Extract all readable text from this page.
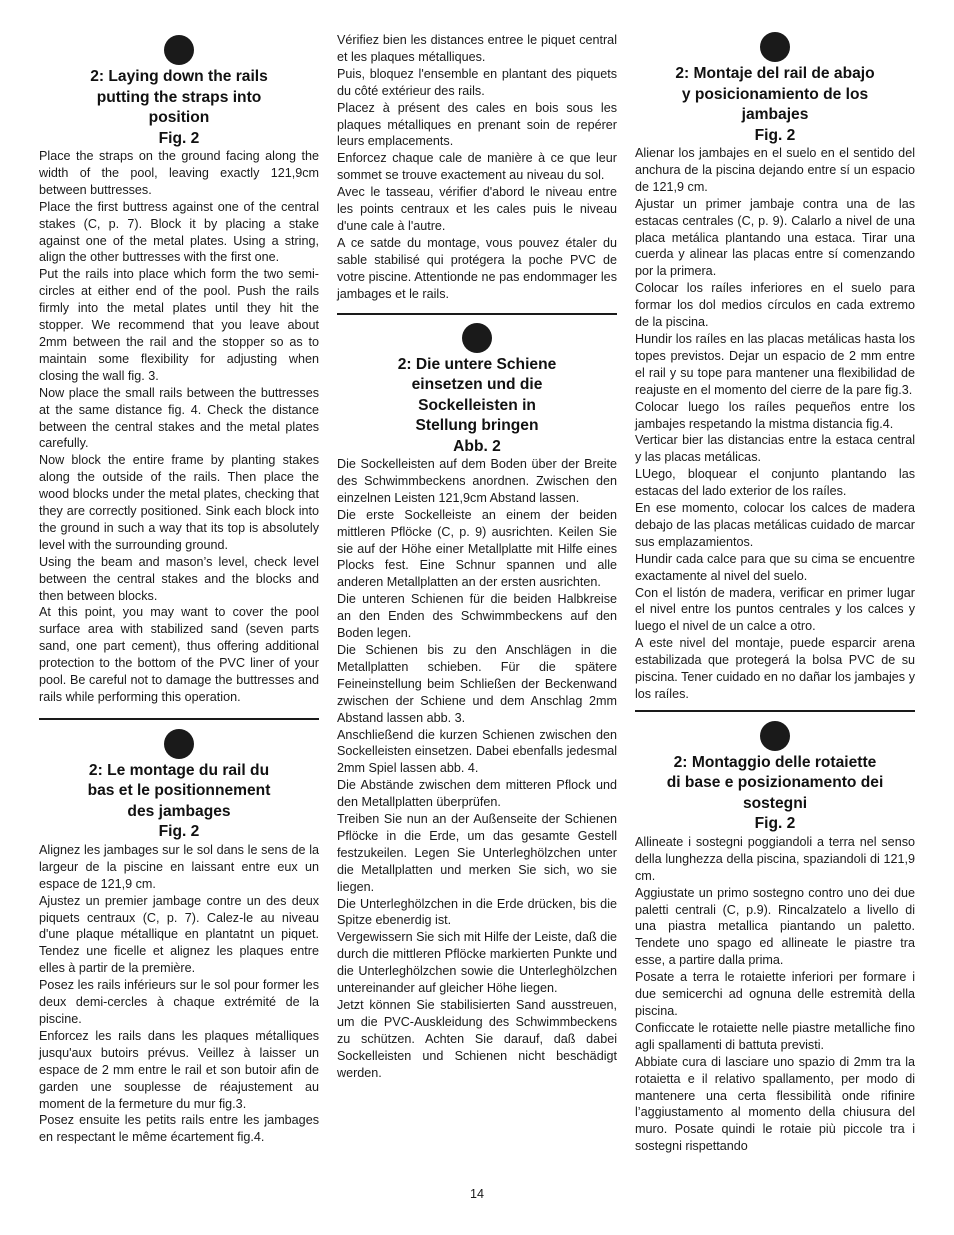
2: Laying down the rails
putting the straps into
position
Fig. 2

Place the straps on the ground facing along the width of the pool, leaving exactly 121,9cm between buttresses.

Place the first buttress against one of the central stakes (C, p. 7). Block it by placing a stake against one of the metal plates. Using a string, align the other buttresses with the first one.

Put the rails into place which form the two semi-circles at either end of the pool. Push the rails firmly into the metal plates until they hit the stopper. We recommend that you leave about 2mm between the rail and the stopper so as to maintain some flexibility for adjusting when closing the wall fig. 3.

Now place the small rails between the buttresses at the same distance fig. 4. Check the distance between the central stakes and the metal plates carefully.

Now block the entire frame by planting stakes along the outside of the rails. Then place the wood blocks under the metal plates, checking that they are correctly positioned. Sink each block into the ground in such a way that its top is absolutely level with the surrounding ground.

Using the beam and mason’s level, check level between the central stakes and the blocks and then between blocks.

At this point, you may want to cover the pool surface area with stabilized sand (seven parts sand, one part cement), thus offering additional protection to the bottom of the PVC liner of your pool. Be careful not to damage the buttresses and rails while performing this operation.

2: Le montage du rail du
bas et le positionnement
des jambages
Fig. 2

Alignez les jambages sur le sol dans le sens de la largeur de la piscine en laissant entre eux un espace de 121,9 cm.

Ajustez un premier jambage contre un des deux piquets centraux (C, p. 7). Calez-le au niveau d'une plaque métallique en plantatnt un piquet. Tendez une ficelle et alignez les plaques entre elles à partir de la première.

Posez les rails inférieurs sur le sol pour former les deux demi-cercles à chaque extrémité de la piscine.

Enforcez les rails dans les plaques métalliques jusqu'aux butoirs prévus. Veillez à laisser un espace de 2 mm entre le rail et son butoir afin de garden une souplesse de réajustement au moment de la fermeture du mur fig.3.

Posez ensuite les petits rails entre les jambages en respectant le même écartement fig.4.

Vérifiez bien les distances entree le piquet central et les plaques métalliques.

Puis, bloquez l'ensemble en plantant des piquets du côté extérieur des rails.

Placez à présent des cales en bois sous les plaques métalliques en prenant soin de repérer leurs emplacements.

Enforcez chaque cale de manière à ce que leur sommet se trouve exactement au niveau du sol.

Avec le tasseau, vérifier d'abord le niveau entre les points centraux et les cales puis le niveau d'une cale à l'autre.

A ce satde du montage, vous pouvez étaler du sable stabilisé qui protégera la poche PVC de votre piscine. Attentionde ne pas endommager les jambages et le rails.

2: Die untere Schiene
einsetzen und die
Sockelleisten in
Stellung bringen
Abb. 2

Die Sockelleisten auf dem Boden über der Breite des Schwimmbeckens anordnen. Zwischen den einzelnen Leisten 121,9cm Abstand lassen.

Die erste Sockelleiste an einem der beiden mittleren Pflöcke (C, p. 9) ausrichten. Keilen Sie sie auf der Höhe einer Metallplatte mit Hilfe eines Plocks fest. Eine Schnur spannen und alle anderen Metallplatten an der ersten ausrichten.

Die unteren Schienen für die beiden Halbkreise an den Enden des Schwimmbeckens auf den Boden legen.

Die Schienen bis zu den Anschlägen in die Metallplatten schieben. Für die spätere Feineinstellung beim Schließen der Beckenwand zwischen der Schiene und dem Anschlag 2mm Abstand lassen abb. 3.

Anschließend die kurzen Schienen zwischen den Sockelleisten einsetzen. Dabei ebenfalls jedesmal 2mm Spiel lassen abb. 4.

Die Abstände zwischen dem mitteren Pflock und den Metallplatten überprüfen.

Treiben Sie nun an der Außenseite der Schienen Pflöcke in die Erde, um das gesamte Gestell festzukeilen. Legen Sie Unterleghölzchen unter die Metallplatten und merken Sie sich, wo sie liegen.

Die Unterleghölzchen in die Erde drücken, bis die Spitze ebenerdig ist.

Vergewissern Sie sich mit Hilfe der Leiste, daß die durch die mittleren Pflöcke markierten Punkte und die Unterleghölzchen sowie die Unterleghölzchen untereinander auf gleicher Höhe liegen.

Jetzt können Sie stabilisierten Sand ausstreuen, um die PVC-Auskleidung des Schwimmbeckens zu schützen. Achten Sie darauf, daß dabei Sockelleisten und Schienen nicht beschädigt werden.

2: Montaje del rail de abajo
y posicionamiento de los
jambajes
Fig. 2

Alienar los jambajes en el suelo en el sentido del anchura de la piscina dejando entre sí un espacio de 121,9 cm.

Ajustar un primer jambaje contra una de las estacas centrales (C, p. 9). Calarlo a nivel de una placa metálica plantando una estaca. Tirar una cuerda y alinear las placas entre sí comenzando por la primera.

Colocar los raíles inferiores en el suelo para formar los dol medios círculos en cada extremo de la piscina.

Hundir los raíles en las placas metálicas hasta los topes previstos. Dejar un espacio de 2 mm entre el rail y su tope para mantener una flexibilidad de reajuste en el momento del cierre de la pare fig.3.

Colocar luego los raíles pequeños entre los jambajes respetando la mistma distancia fig.4.

Verticar bier las distancias entre la estaca central y las placas metálicas.

LUego, bloquear el conjunto plantando las estacas del lado exterior de los raíles.

En ese momento, colocar los calces de madera debajo de las placas metálicas cuidado de marcar sus emplazamientos.

Hundir cada calce para que su cima se encuentre exactamente al nivel del suelo.

Con el listón de madera, verificar en primer lugar el nivel entre los puntos centrales y los calces y luego el nivel de un calce a otro.

A este nivel del montaje, puede esparcir arena estabilizada que protegerá la bolsa PVC de su piscina. Tener cuidado en no dañar los jambajes y los raíles.

2: Montaggio delle rotaiette
di base e posizionamento dei
sostegni
Fig. 2

Allineate i sostegni poggiandoli a terra nel senso della lunghezza della piscina, spaziandoli di 121,9 cm.

Aggiustate un primo sostegno contro uno dei due paletti centrali (C, p.9). Rincalzatelo a livello di una piastra metallica piantando un paletto. Tendete uno spago ed allineate le piastre tra esse, a partire dalla prima.

Posate a terra le rotaiette inferiori per formare i due semicerchi ad ognuna delle estremità della piscina.

Conficcate le rotaiette nelle piastre metalliche fino agli spallamenti di battuta previsti.

Abbiate cura di lasciare uno spazio di 2mm tra la rotaietta e il relativo spallamento, per modo di mantenere una certa flessibilità onde rifinire l’aggiustamento al momento della chiusura del muro. Posate quindi le rotaie più piccole tra i sostegni rispettando

14
